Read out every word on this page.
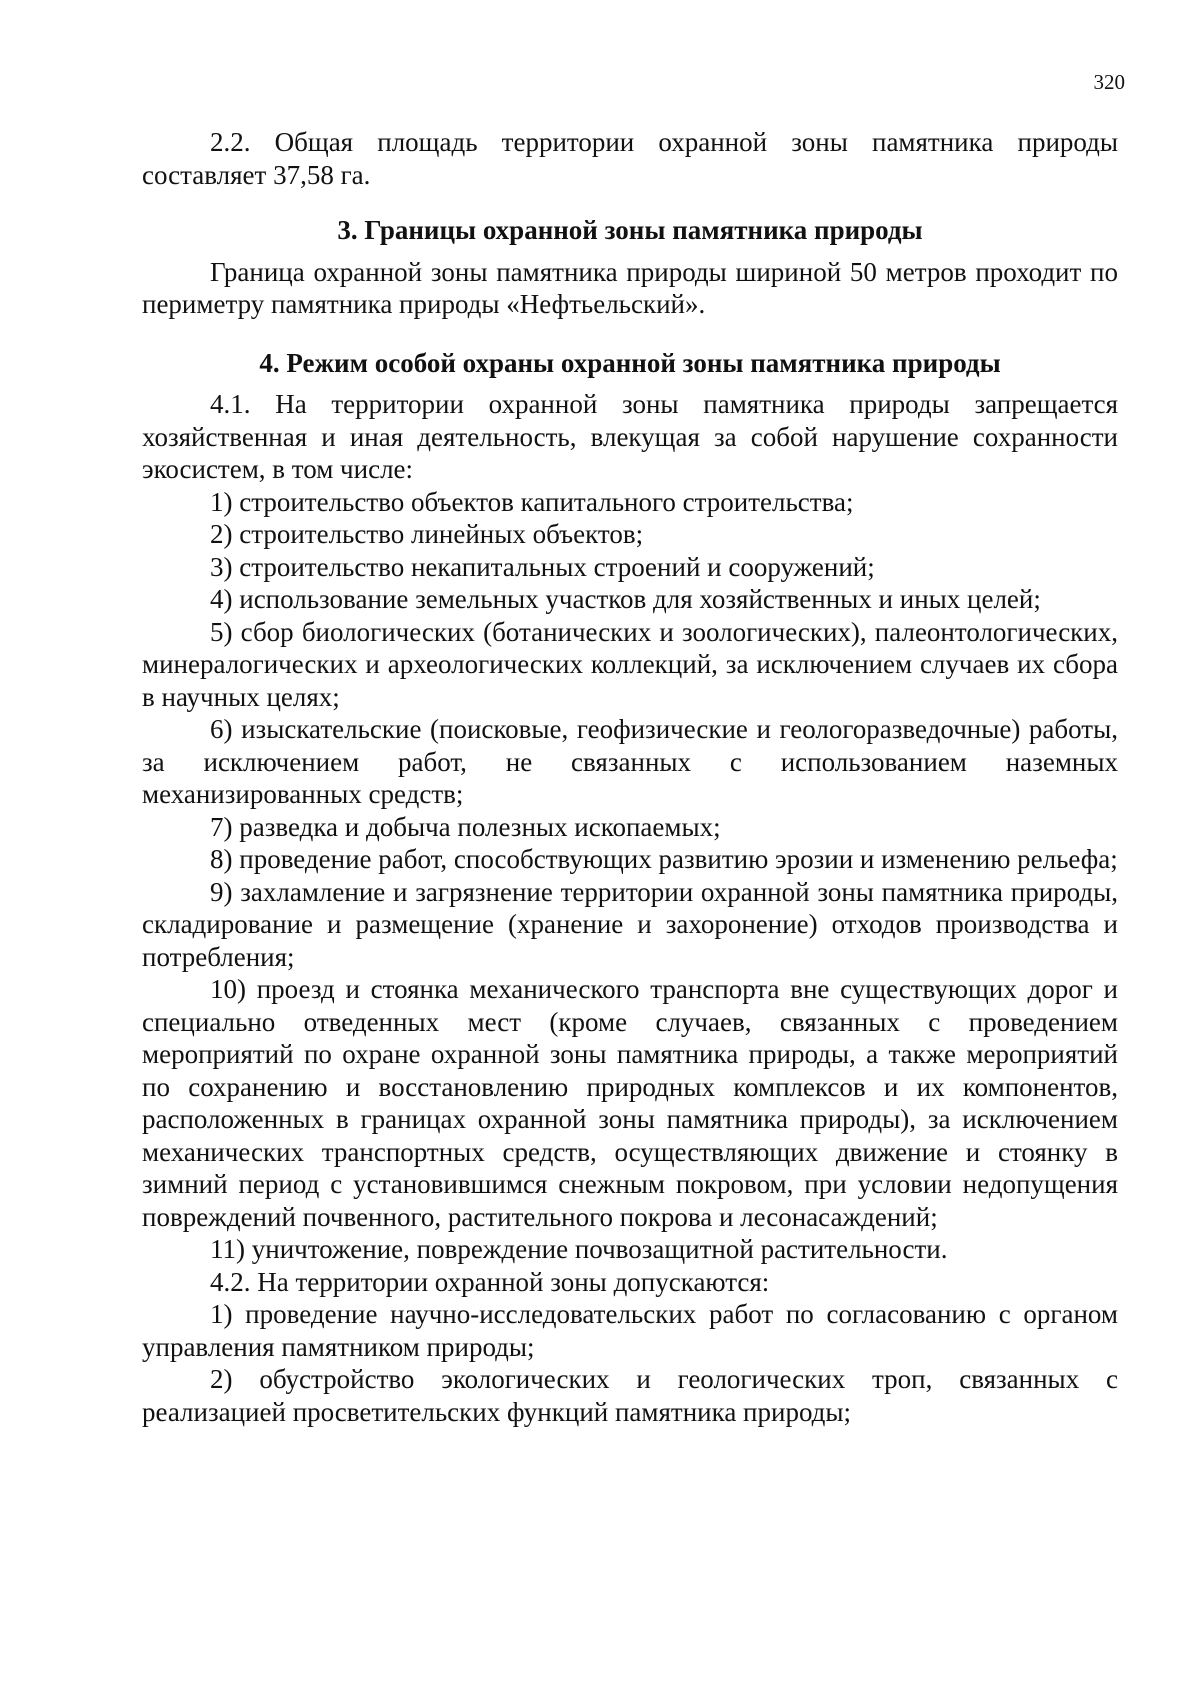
320

2.2. Общая площадь территории охранной зоны памятника природы составляет 37,58 га.

3. Границы охранной зоны памятника природы

Граница охранной зоны памятника природы шириной 50 метров проходит по периметру памятника природы «Нефтьельский».

4. Режим особой охраны охранной зоны памятника природы

4.1. На территории охранной зоны памятника природы запрещается хозяйственная и иная деятельность, влекущая за собой нарушение сохранности экосистем, в том числе:

1) строительство объектов капитального строительства;

2) строительство линейных объектов;

3) строительство некапитальных строений и сооружений;

4) использование земельных участков для хозяйственных и иных целей;

5) сбор биологических (ботанических и зоологических), палеонтологических, минералогических и археологических коллекций, за исключением случаев их сбора в научных целях;

6) изыскательские (поисковые, геофизические и геологоразведочные) работы, за исключением работ, не связанных с использованием наземных механизированных средств;

7) разведка и добыча полезных ископаемых;

8) проведение работ, способствующих развитию эрозии и изменению рельефа;

9) захламление и загрязнение территории охранной зоны памятника природы, складирование и размещение (хранение и захоронение) отходов производства и потребления;

10) проезд и стоянка механического транспорта вне существующих дорог и специально отведенных мест (кроме случаев, связанных с проведением мероприятий по охране охранной зоны памятника природы, а также мероприятий по сохранению и восстановлению природных комплексов и их компонентов, расположенных в границах охранной зоны памятника природы), за исключением механических транспортных средств, осуществляющих движение и стоянку в зимний период с установившимся снежным покровом, при условии недопущения повреждений почвенного, растительного покрова и лесонасаждений;

11) уничтожение, повреждение почвозащитной растительности.

4.2. На территории охранной зоны допускаются:

1) проведение научно-исследовательских работ по согласованию с органом управления памятником природы;

2) обустройство экологических и геологических троп, связанных с реализацией просветительских функций памятника природы;
